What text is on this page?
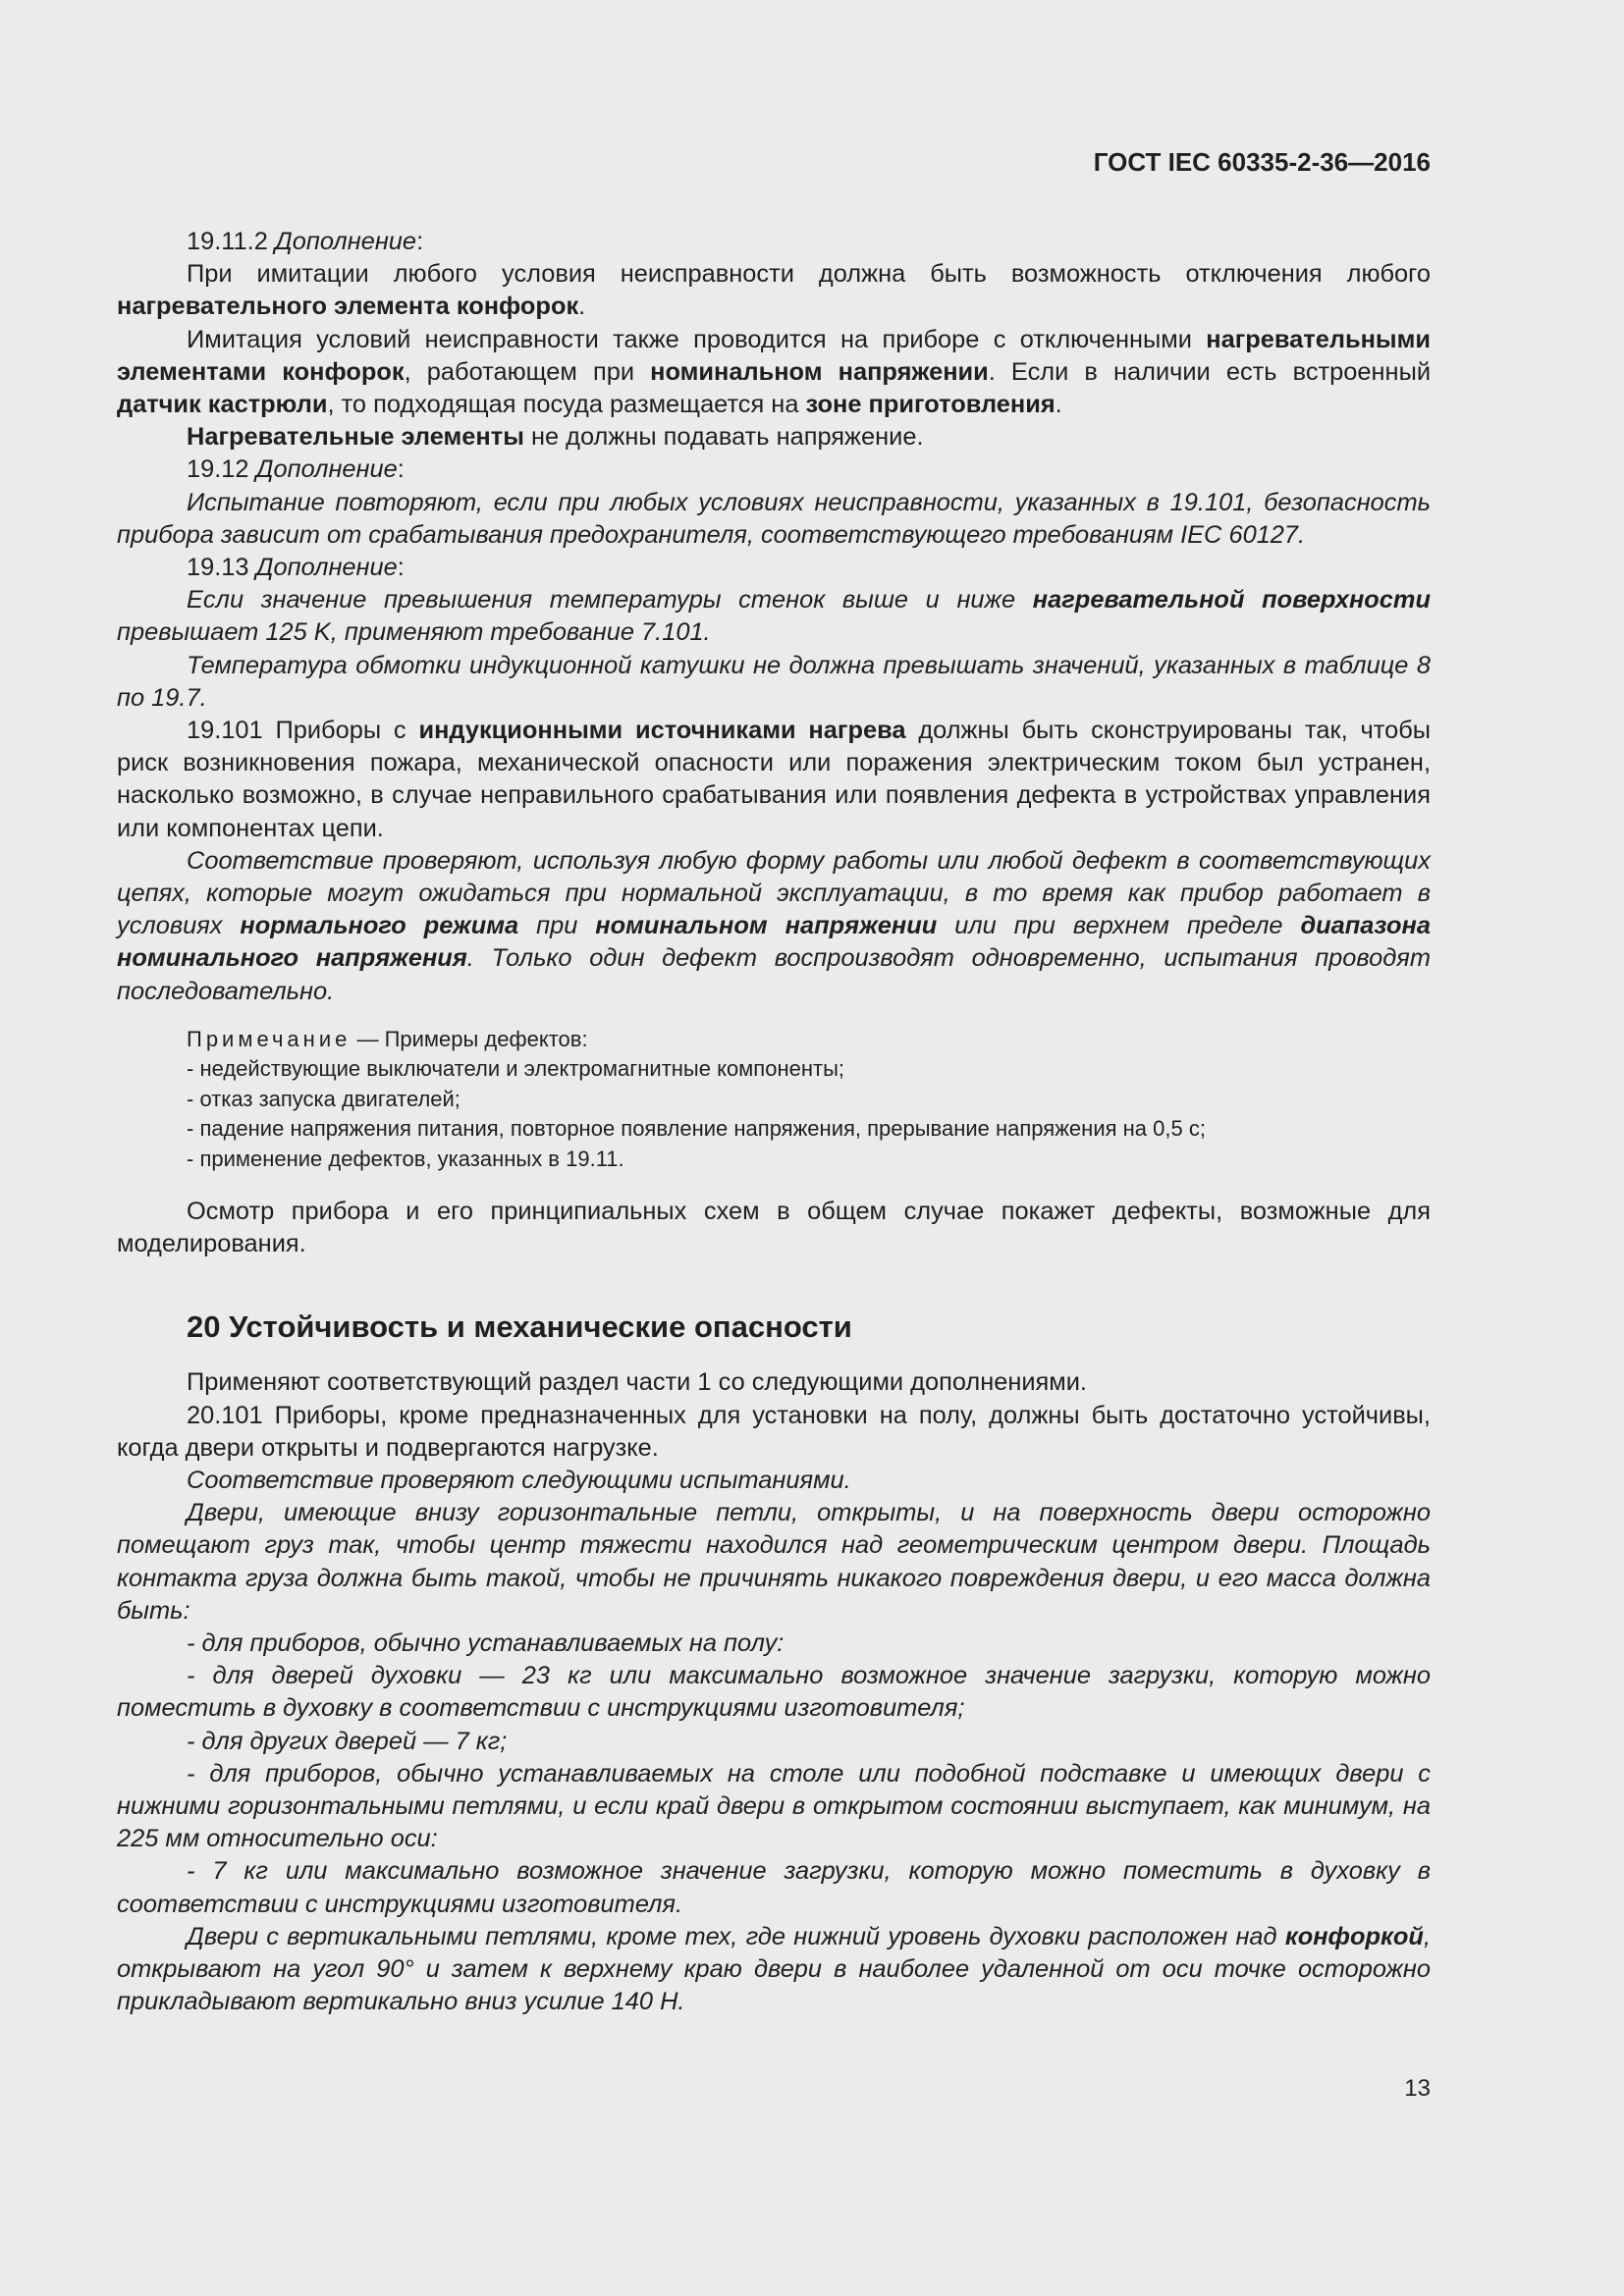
ГОСТ IEC 60335-2-36—2016

19.11.2 Дополнение:

При имитации любого условия неисправности должна быть возможность отключения любого нагревательного элемента конфорок.

Имитация условий неисправности также проводится на приборе с отключенными нагревательными элементами конфорок, работающем при номинальном напряжении. Если в наличии есть встроенный датчик кастрюли, то подходящая посуда размещается на зоне приготовления.

Нагревательные элементы не должны подавать напряжение.

19.12 Дополнение:

Испытание повторяют, если при любых условиях неисправности, указанных в 19.101, безопасность прибора зависит от срабатывания предохранителя, соответствующего требованиям IEC 60127.

19.13 Дополнение:

Если значение превышения температуры стенок выше и ниже нагревательной поверхности превышает 125 K, применяют требование 7.101.

Температура обмотки индукционной катушки не должна превышать значений, указанных в таблице 8 по 19.7.

19.101 Приборы с индукционными источниками нагрева должны быть сконструированы так, чтобы риск возникновения пожара, механической опасности или поражения электрическим током был устранен, насколько возможно, в случае неправильного срабатывания или появления дефекта в устройствах управления или компонентах цепи.

Соответствие проверяют, используя любую форму работы или любой дефект в соответствующих цепях, которые могут ожидаться при нормальной эксплуатации, в то время как прибор работает в условиях нормального режима при номинальном напряжении или при верхнем пределе диапазона номинального напряжения. Только один дефект воспроизводят одновременно, испытания проводят последовательно.

Примечание — Примеры дефектов:
- недействующие выключатели и электромагнитные компоненты;
- отказ запуска двигателей;
- падение напряжения питания, повторное появление напряжения, прерывание напряжения на 0,5 с;
- применение дефектов, указанных в 19.11.

Осмотр прибора и его принципиальных схем в общем случае покажет дефекты, возможные для моделирования.

20 Устойчивость и механические опасности

Применяют соответствующий раздел части 1 со следующими дополнениями.

20.101 Приборы, кроме предназначенных для установки на полу, должны быть достаточно устойчивы, когда двери открыты и подвергаются нагрузке.

Соответствие проверяют следующими испытаниями.

Двери, имеющие внизу горизонтальные петли, открыты, и на поверхность двери осторожно помещают груз так, чтобы центр тяжести находился над геометрическим центром двери. Площадь контакта груза должна быть такой, чтобы не причинять никакого повреждения двери, и его масса должна быть:

- для приборов, обычно устанавливаемых на полу:

- для дверей духовки — 23 кг или максимально возможное значение загрузки, которую можно поместить в духовку в соответствии с инструкциями изготовителя;

- для других дверей — 7 кг;

- для приборов, обычно устанавливаемых на столе или подобной подставке и имеющих двери с нижними горизонтальными петлями, и если край двери в открытом состоянии выступает, как минимум, на 225 мм относительно оси:

- 7 кг или максимально возможное значение загрузки, которую можно поместить в духовку в соответствии с инструкциями изготовителя.

Двери с вертикальными петлями, кроме тех, где нижний уровень духовки расположен над конфоркой, открывают на угол 90° и затем к верхнему краю двери в наиболее удаленной от оси точке осторожно прикладывают вертикально вниз усилие 140 Н.

13
